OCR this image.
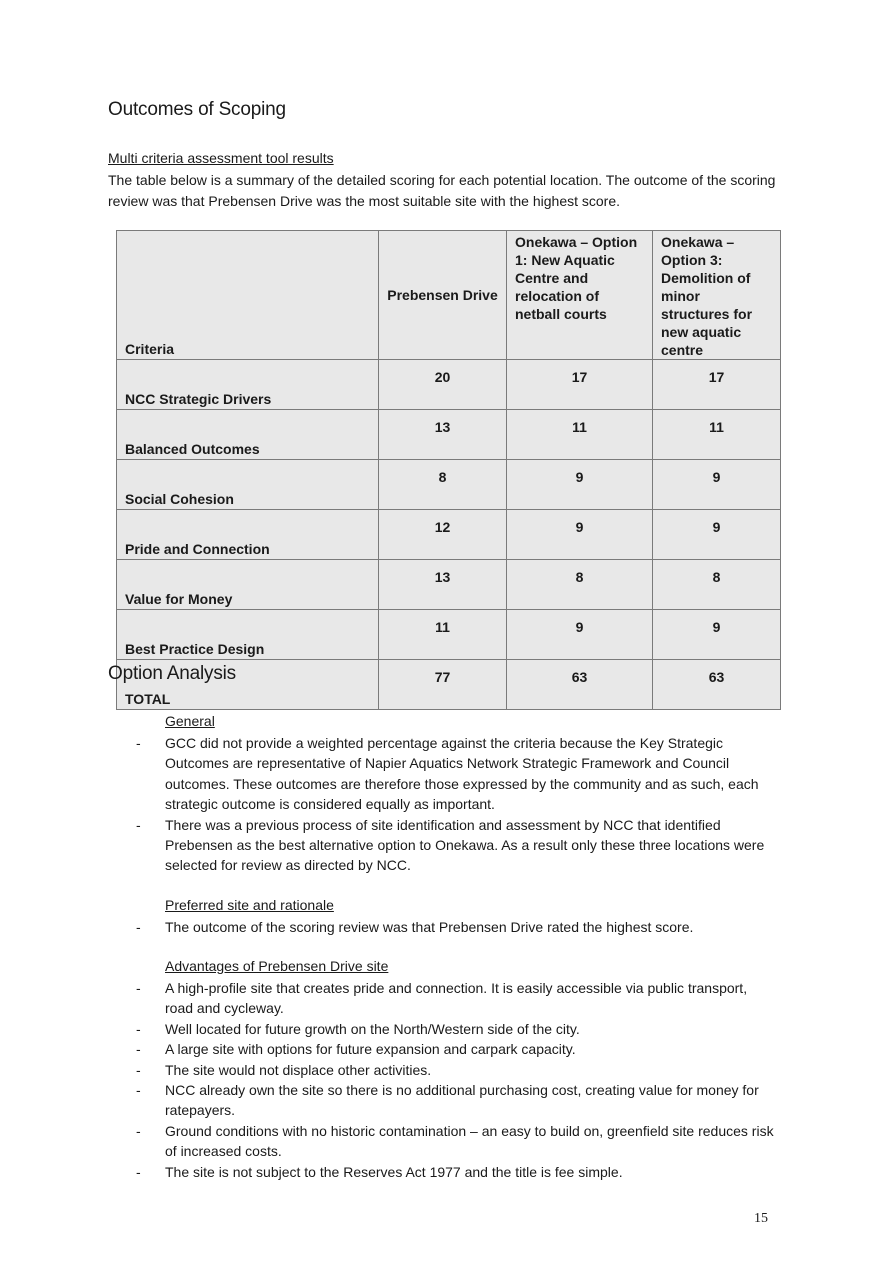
Outcomes of Scoping
Multi criteria assessment tool results
The table below is a summary of the detailed scoring for each potential location. The outcome of the scoring review was that Prebensen Drive was the most suitable site with the highest score.
Criteria	Prebensen Drive	Onekawa – Option 1: New Aquatic Centre and relocation of netball courts	Onekawa – Option 3: Demolition of minor structures for new aquatic centre
NCC Strategic Drivers	20	17	17
Balanced Outcomes	13	11	11
Social Cohesion	8	9	9
Pride and Connection	12	9	9
Value for Money	13	8	8
Best Practice Design	11	9	9
TOTAL	77	63	63
Option Analysis
General
- GCC did not provide a weighted percentage against the criteria because the Key Strategic Outcomes are representative of Napier Aquatics Network Strategic Framework and Council outcomes. These outcomes are therefore those expressed by the community and as such, each strategic outcome is considered equally as important.
- There was a previous process of site identification and assessment by NCC that identified Prebensen as the best alternative option to Onekawa. As a result only these three locations were selected for review as directed by NCC.
Preferred site and rationale
- The outcome of the scoring review was that Prebensen Drive rated the highest score.
Advantages of Prebensen Drive site
- A high-profile site that creates pride and connection. It is easily accessible via public transport, road and cycleway.
- Well located for future growth on the North/Western side of the city.
- A large site with options for future expansion and carpark capacity.
- The site would not displace other activities.
- NCC already own the site so there is no additional purchasing cost, creating value for money for ratepayers.
- Ground conditions with no historic contamination – an easy to build on, greenfield site reduces risk of increased costs.
- The site is not subject to the Reserves Act 1977 and the title is fee simple.
15
